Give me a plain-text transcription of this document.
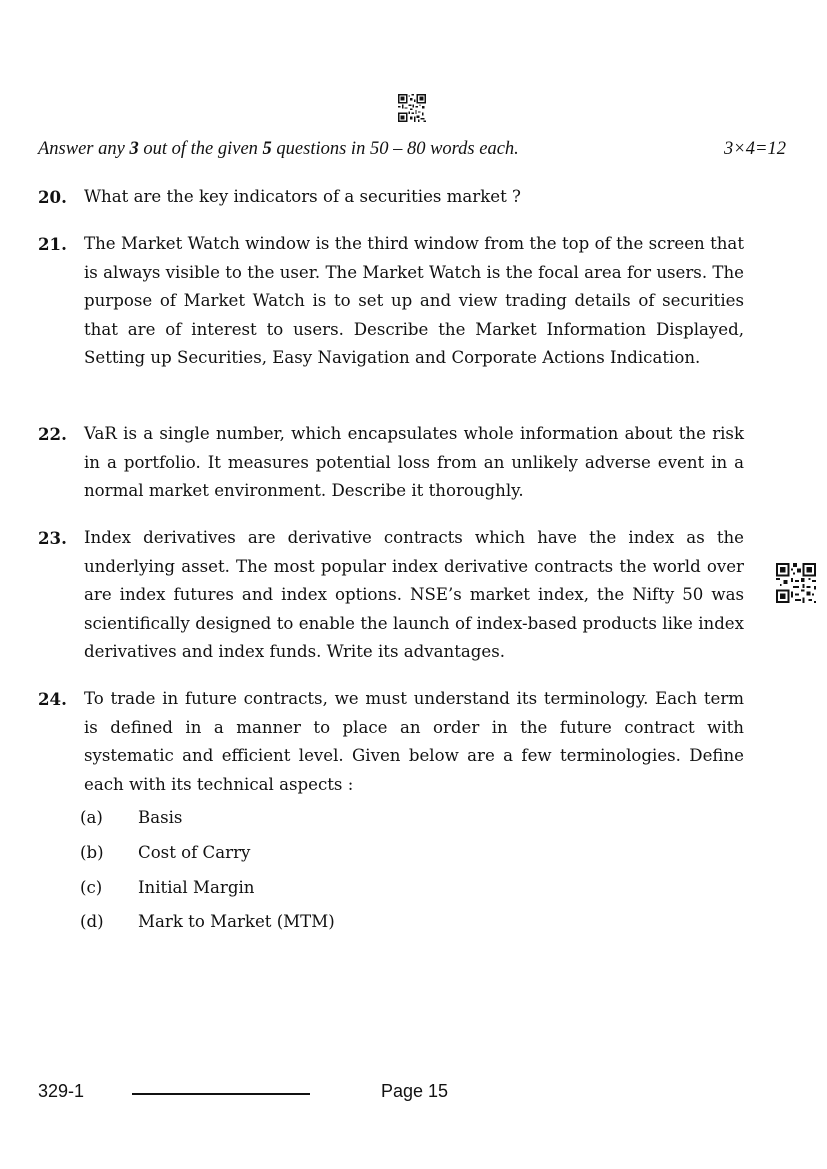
Answer any 3 out of the given 5 questions in 50 – 80 words each.	3×4=12
20. What are the key indicators of a securities market ?
21. The Market Watch window is the third window from the top of the screen that is always visible to the user. The Market Watch is the focal area for users. The purpose of Market Watch is to set up and view trading details of securities that are of interest to users. Describe the Market Information Displayed, Setting up Securities, Easy Navigation and Corporate Actions Indication.
22. VaR is a single number, which encapsulates whole information about the risk in a portfolio. It measures potential loss from an unlikely adverse event in a normal market environment. Describe it thoroughly.
23. Index derivatives are derivative contracts which have the index as the underlying asset. The most popular index derivative contracts the world over are index futures and index options. NSE’s market index, the Nifty 50 was scientifically designed to enable the launch of index-based products like index derivatives and index funds. Write its advantages.
24. To trade in future contracts, we must understand its terminology. Each term is defined in a manner to place an order in the future contract with systematic and efficient level. Given below are a few terminologies. Define each with its technical aspects :
(a) Basis
(b) Cost of Carry
(c) Initial Margin
(d) Mark to Market (MTM)
329-1	Page 15
